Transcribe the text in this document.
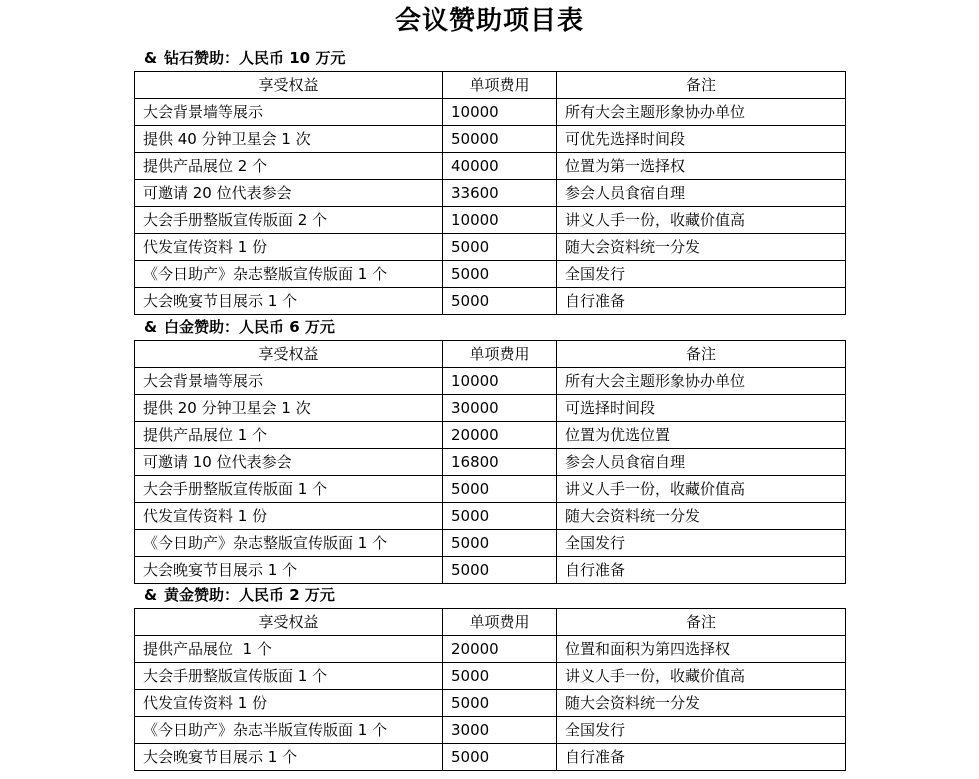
会议赞助项目表
& 钻石赞助：人民币 10 万元
享受权益	单项费用	备注
大会背景墙等展示	10000	所有大会主题形象协办单位
提供 40 分钟卫星会 1 次	50000	可优先选择时间段
提供产品展位 2 个	40000	位置为第一选择权
可邀请 20 位代表参会	33600	参会人员食宿自理
大会手册整版宣传版面 2 个	10000	讲义人手一份，收藏价值高
代发宣传资料 1 份	5000	随大会资料统一分发
《今日助产》杂志整版宣传版面 1 个	5000	全国发行
大会晚宴节目展示 1 个	5000	自行准备
& 白金赞助：人民币 6 万元
享受权益	单项费用	备注
大会背景墙等展示	10000	所有大会主题形象协办单位
提供 20 分钟卫星会 1 次	30000	可选择时间段
提供产品展位 1 个	20000	位置为优选位置
可邀请 10 位代表参会	16800	参会人员食宿自理
大会手册整版宣传版面 1 个	5000	讲义人手一份，收藏价值高
代发宣传资料 1 份	5000	随大会资料统一分发
《今日助产》杂志整版宣传版面 1 个	5000	全国发行
大会晚宴节目展示 1 个	5000	自行准备
& 黄金赞助：人民币 2 万元
享受权益	单项费用	备注
提供产品展位  1 个	20000	位置和面积为第四选择权
大会手册整版宣传版面 1 个	5000	讲义人手一份，收藏价值高
代发宣传资料 1 份	5000	随大会资料统一分发
《今日助产》杂志半版宣传版面 1 个	3000	全国发行
大会晚宴节目展示 1 个	5000	自行准备
